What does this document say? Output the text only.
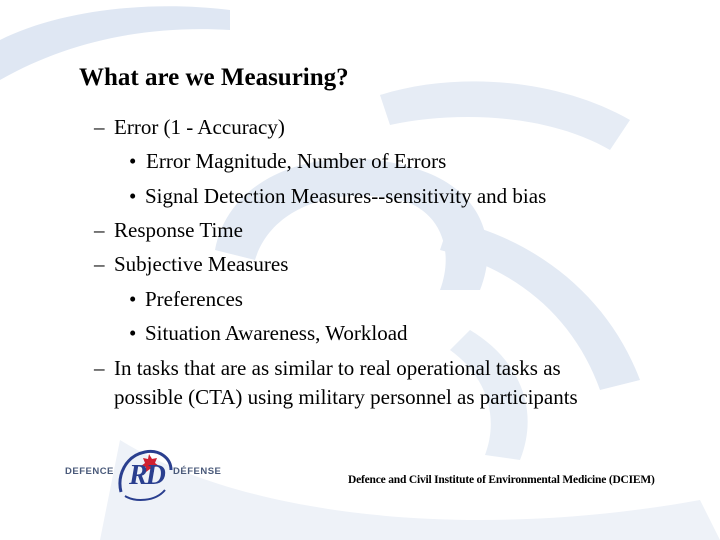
What are we Measuring?
– Error (1 - Accuracy)
• Error Magnitude, Number of Errors
• Signal Detection Measures--sensitivity and bias
– Response Time
– Subjective Measures
• Preferences
• Situation Awareness, Workload
– In tasks that are as similar to real operational tasks as
possible (CTA) using military personnel as participants
DEFENCE RD DÉFENSE
Defence and Civil Institute of Environmental Medicine (DCIEM)
